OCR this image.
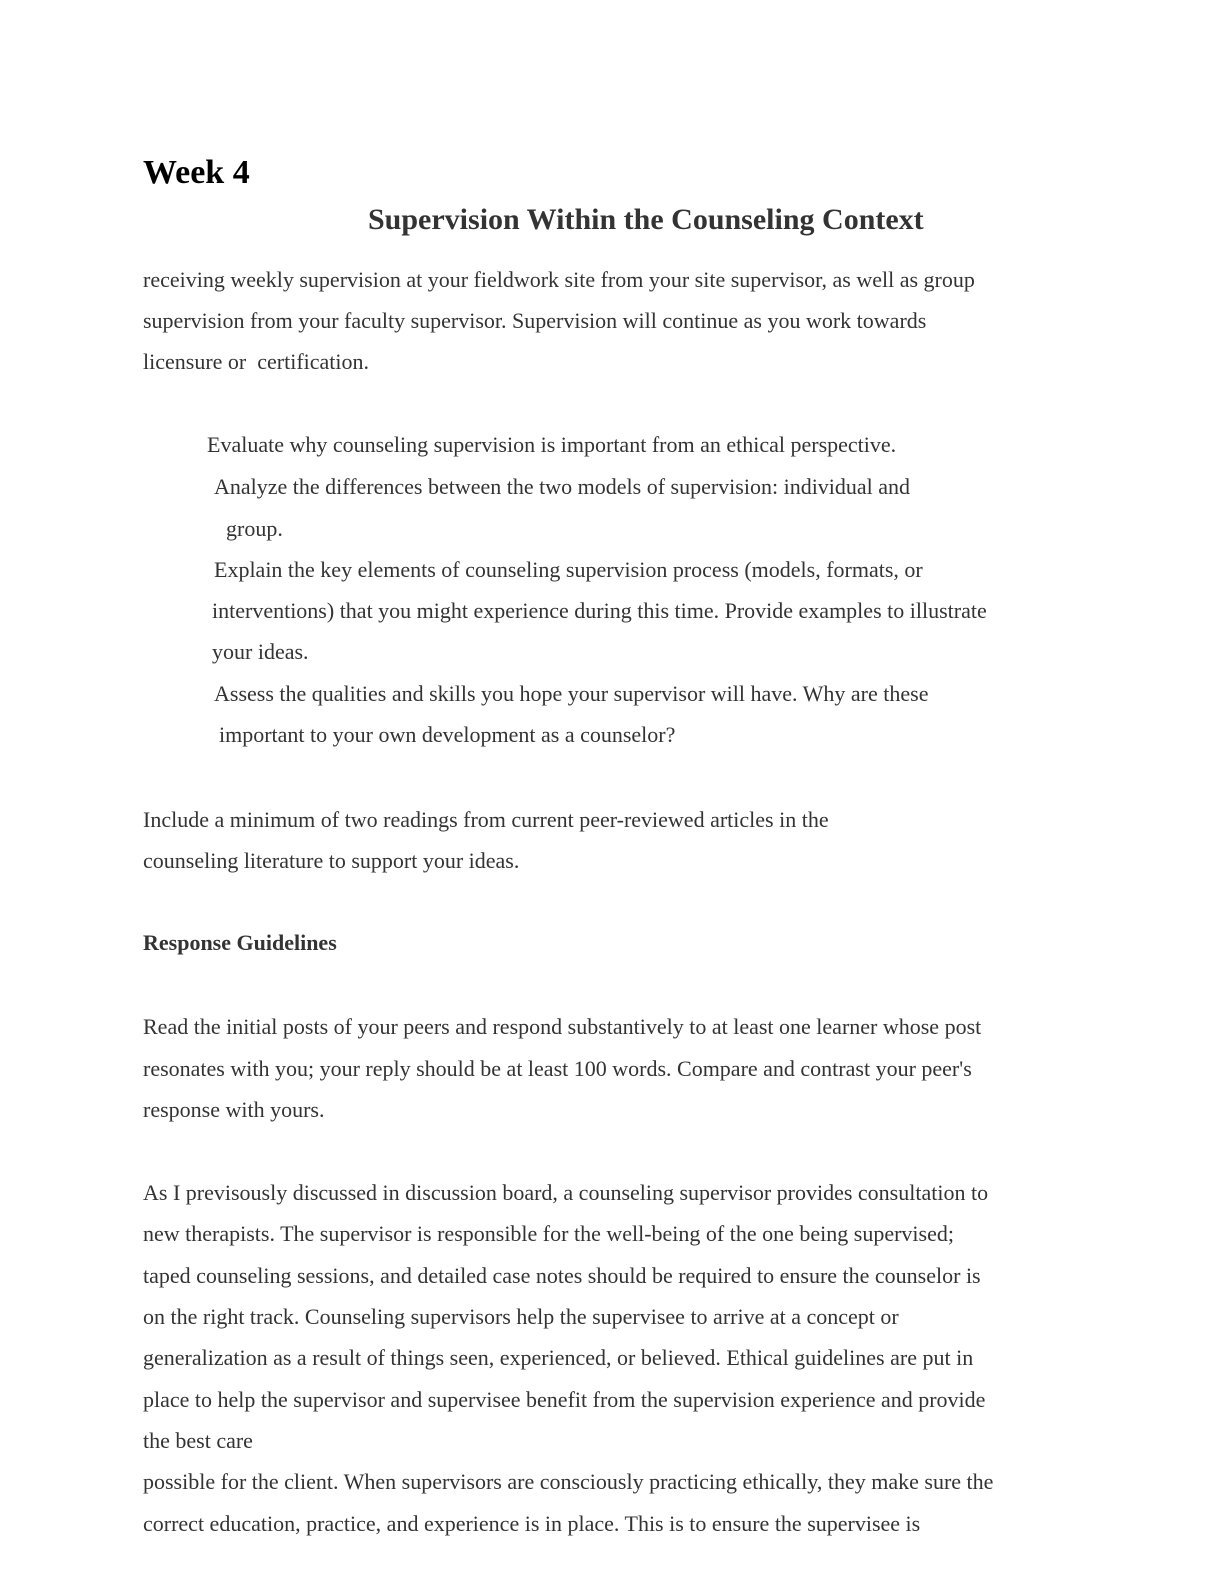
Week 4
Supervision Within the Counseling Context
receiving weekly supervision at your fieldwork site from your site supervisor, as well as group
supervision from your faculty supervisor. Supervision will continue as you work towards
licensure or  certification.
Evaluate why counseling supervision is important from an ethical perspective.
Analyze the differences between the two models of supervision: individual and
group.
Explain the key elements of counseling supervision process (models, formats, or
interventions) that you might experience during this time. Provide examples to illustrate
your ideas.
Assess the qualities and skills you hope your supervisor will have. Why are these
important to your own development as a counselor?
Include a minimum of two readings from current peer-reviewed articles in the
counseling literature to support your ideas.
Response Guidelines
Read the initial posts of your peers and respond substantively to at least one learner whose post
resonates with you; your reply should be at least 100 words. Compare and contrast your peer's
response with yours.
As I previsously discussed in discussion board, a counseling supervisor provides consultation to
new therapists. The supervisor is responsible for the well-being of the one being supervised;
taped counseling sessions, and detailed case notes should be required to ensure the counselor is
on the right track. Counseling supervisors help the supervisee to arrive at a concept or
generalization as a result of things seen, experienced, or believed. Ethical guidelines are put in
place to help the supervisor and supervisee benefit from the supervision experience and provide
the best care
possible for the client. When supervisors are consciously practicing ethically, they make sure the
correct education, practice, and experience is in place. This is to ensure the supervisee is
